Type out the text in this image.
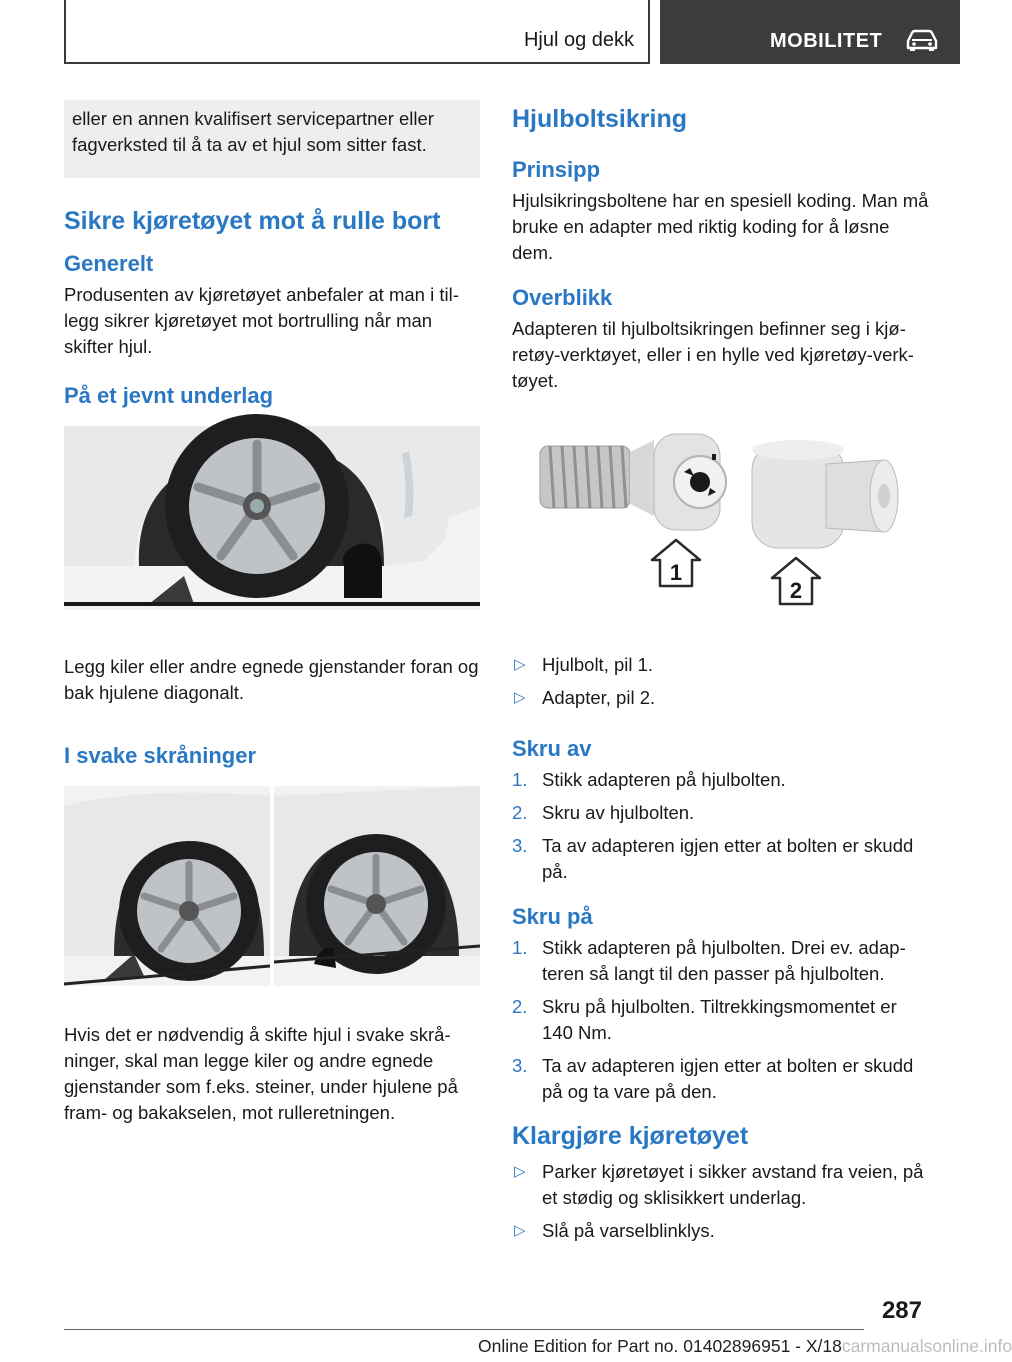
Hjul og dekk	MOBILITET
eller en annen kvalifisert servicepartner eller fagverksted til å ta av et hjul som sitter fast.
Sikre kjøretøyet mot å rulle bort
Generelt
Produsenten av kjøretøyet anbefaler at man i tillegg sikrer kjøretøyet mot bortrulling når man skifter hjul.
På et jevnt underlag
Legg kiler eller andre egnede gjenstander foran og bak hjulene diagonalt.
I svake skråninger
Hvis det er nødvendig å skifte hjul i svake skråninger, skal man legge kiler og andre egnede gjenstander som f.eks. steiner, under hjulene på fram- og bakakselen, mot rulleretningen.
Hjulboltsikring
Prinsipp
Hjulsikringsboltene har en spesiell koding. Man må bruke en adapter med riktig koding for å løsne dem.
Overblikk
Adapteren til hjulboltsikringen befinner seg i kjøretøy-verktøyet, eller i en hylle ved kjøretøy-verktøyet.
1
2
▷ Hjulbolt, pil 1.
▷ Adapter, pil 2.
Skru av
1. Stikk adapteren på hjulbolten.
2. Skru av hjulbolten.
3. Ta av adapteren igjen etter at bolten er skudd på.
Skru på
1. Stikk adapteren på hjulbolten. Drei ev. adapteren så langt til den passer på hjulbolten.
2. Skru på hjulbolten. Tiltrekkingsmomentet er 140 Nm.
3. Ta av adapteren igjen etter at bolten er skudd på og ta vare på den.
Klargjøre kjøretøyet
▷ Parker kjøretøyet i sikker avstand fra veien, på et stødig og sklisikkert underlag.
▷ Slå på varselblinklys.
287
Online Edition for Part no. 01402896951 - X/18carmanualsonline.info
